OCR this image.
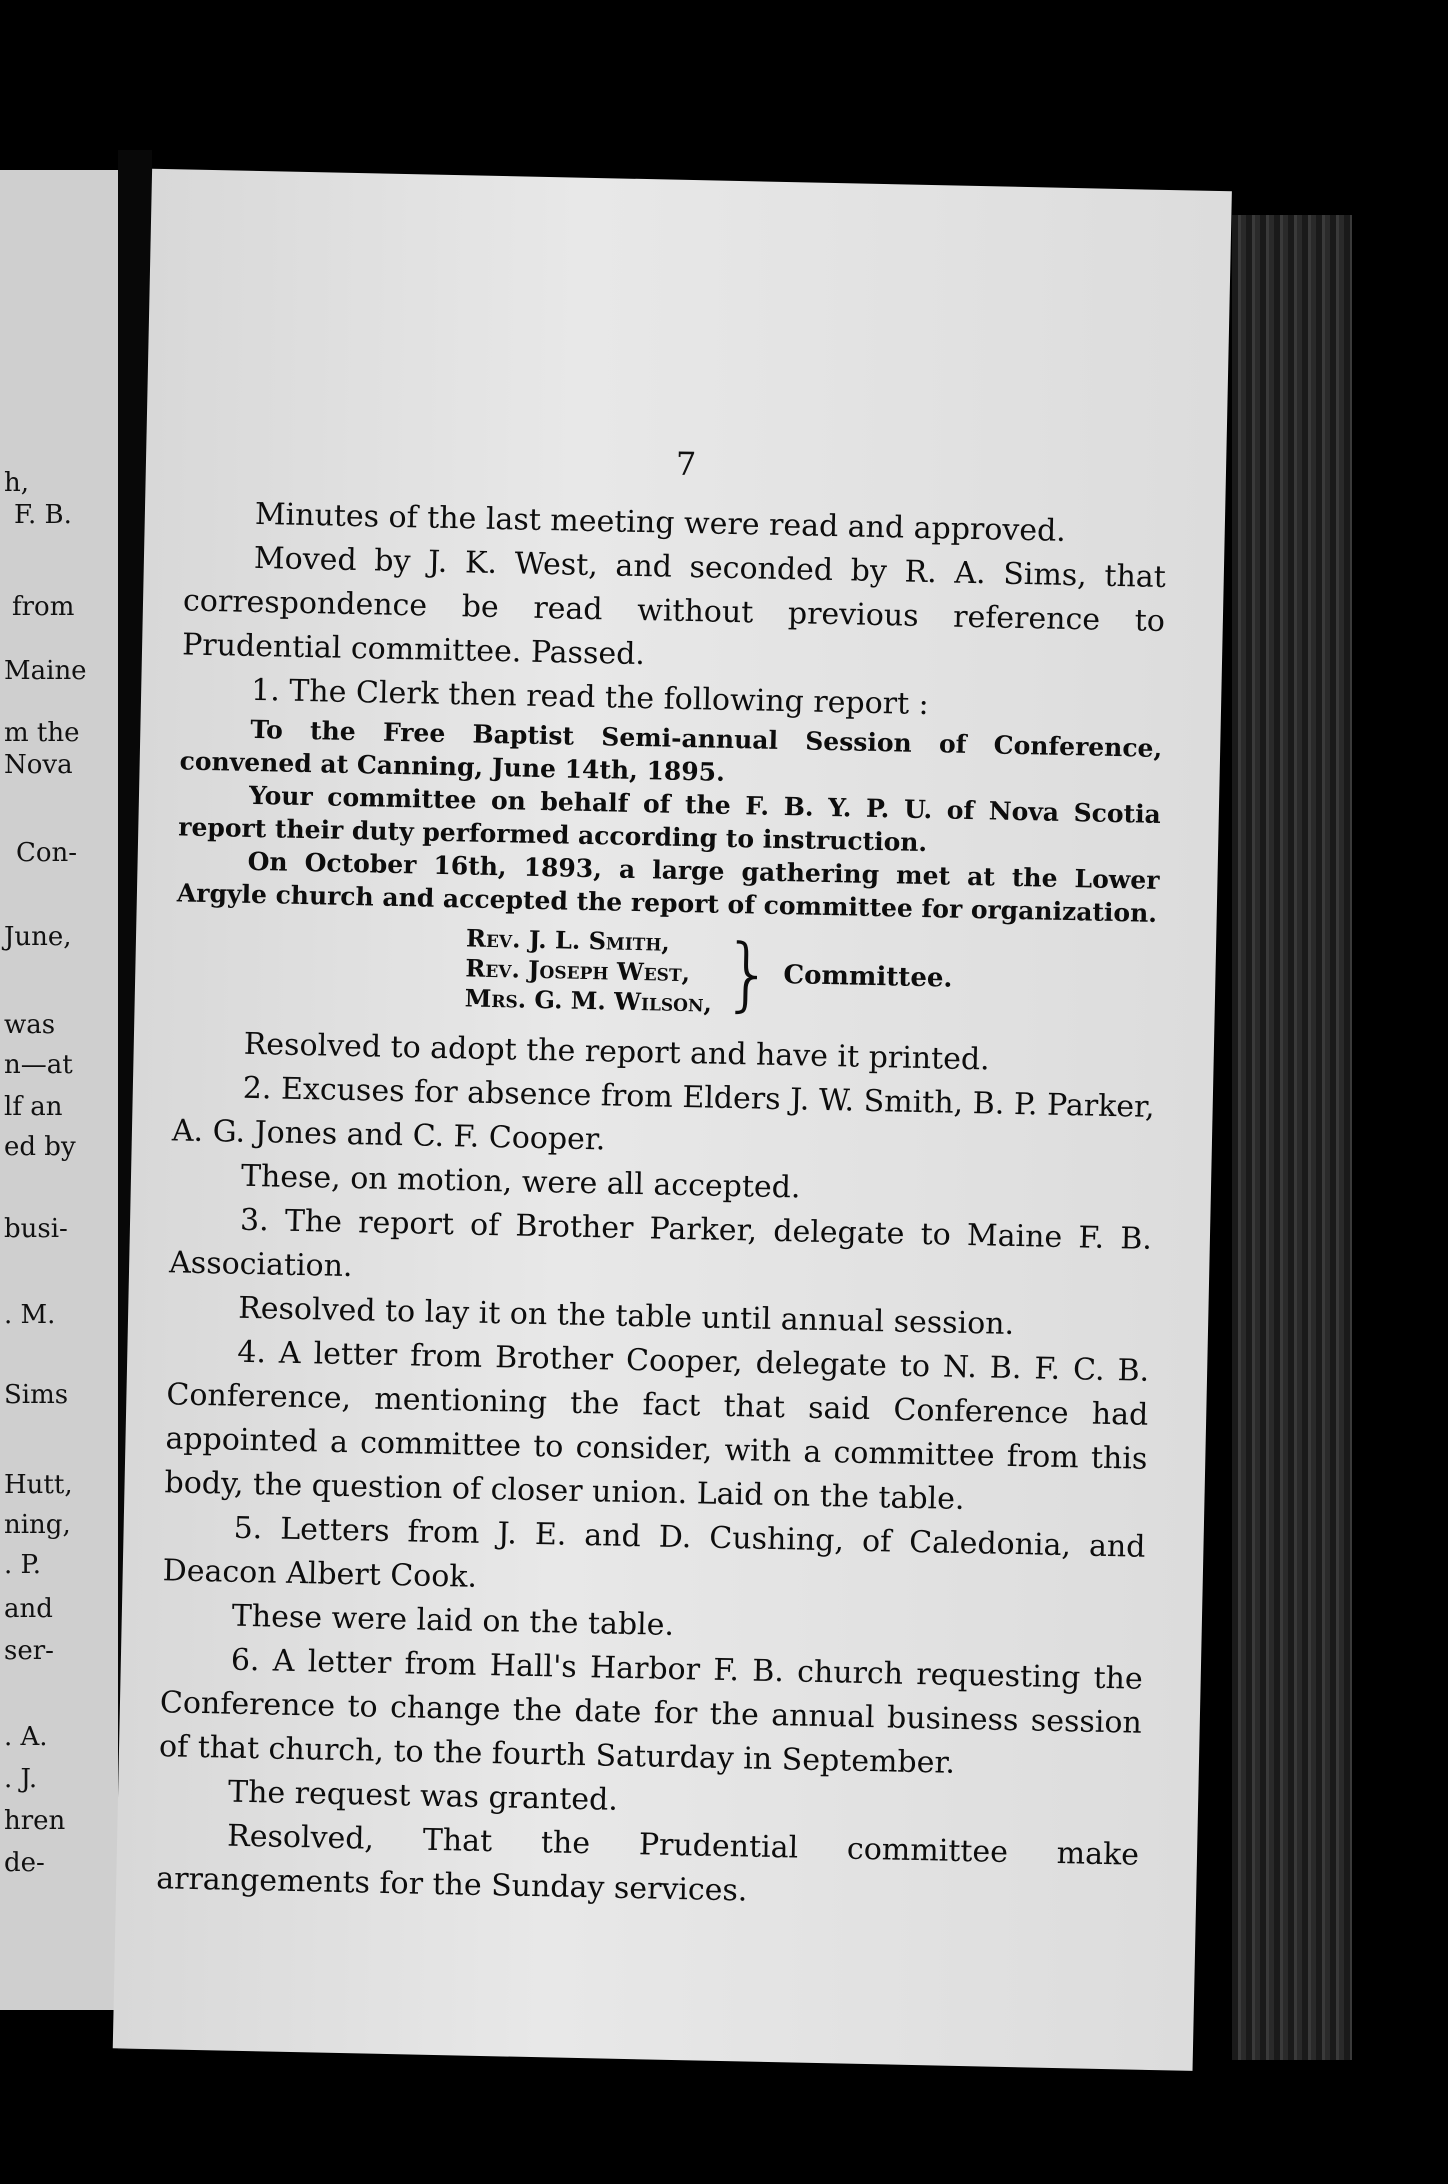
h,
F. B.
from
Maine
m the
Nova
Con-
June,
was
n—at
lf an
ed by
busi-
. M.
Sims
Hutt,
ning,
. P.
and
ser-
. A.
. J.
hren
de-
7

Minutes of the last meeting were read and approved.

Moved by J. K. West, and seconded by R. A. Sims, that correspondence be read without previous reference to Prudential committee. Passed.

1. The Clerk then read the following report :

To the Free Baptist Semi-annual Session of Conference, convened at Canning, June 14th, 1895.

Your committee on behalf of the F. B. Y. P. U. of Nova Scotia report their duty performed according to instruction.

On October 16th, 1893, a large gathering met at the Lower Argyle church and accepted the report of committee for organization.

Rev. J. L. Smith,
Rev. Joseph West,
Mrs. G. M. Wilson, } Committee.

Resolved to adopt the report and have it printed.

2. Excuses for absence from Elders J. W. Smith, B. P. Parker, A. G. Jones and C. F. Cooper.

These, on motion, were all accepted.

3. The report of Brother Parker, delegate to Maine F. B. Association.

Resolved to lay it on the table until annual session.

4. A letter from Brother Cooper, delegate to N. B. F. C. B. Conference, mentioning the fact that said Conference had appointed a committee to consider, with a committee from this body, the question of closer union. Laid on the table.

5. Letters from J. E. and D. Cushing, of Caledonia, and Deacon Albert Cook.

These were laid on the table.

6. A letter from Hall's Harbor F. B. church requesting the Conference to change the date for the annual business session of that church, to the fourth Saturday in September.

The request was granted.

Resolved, That the Prudential committee make arrangements for the Sunday services.
